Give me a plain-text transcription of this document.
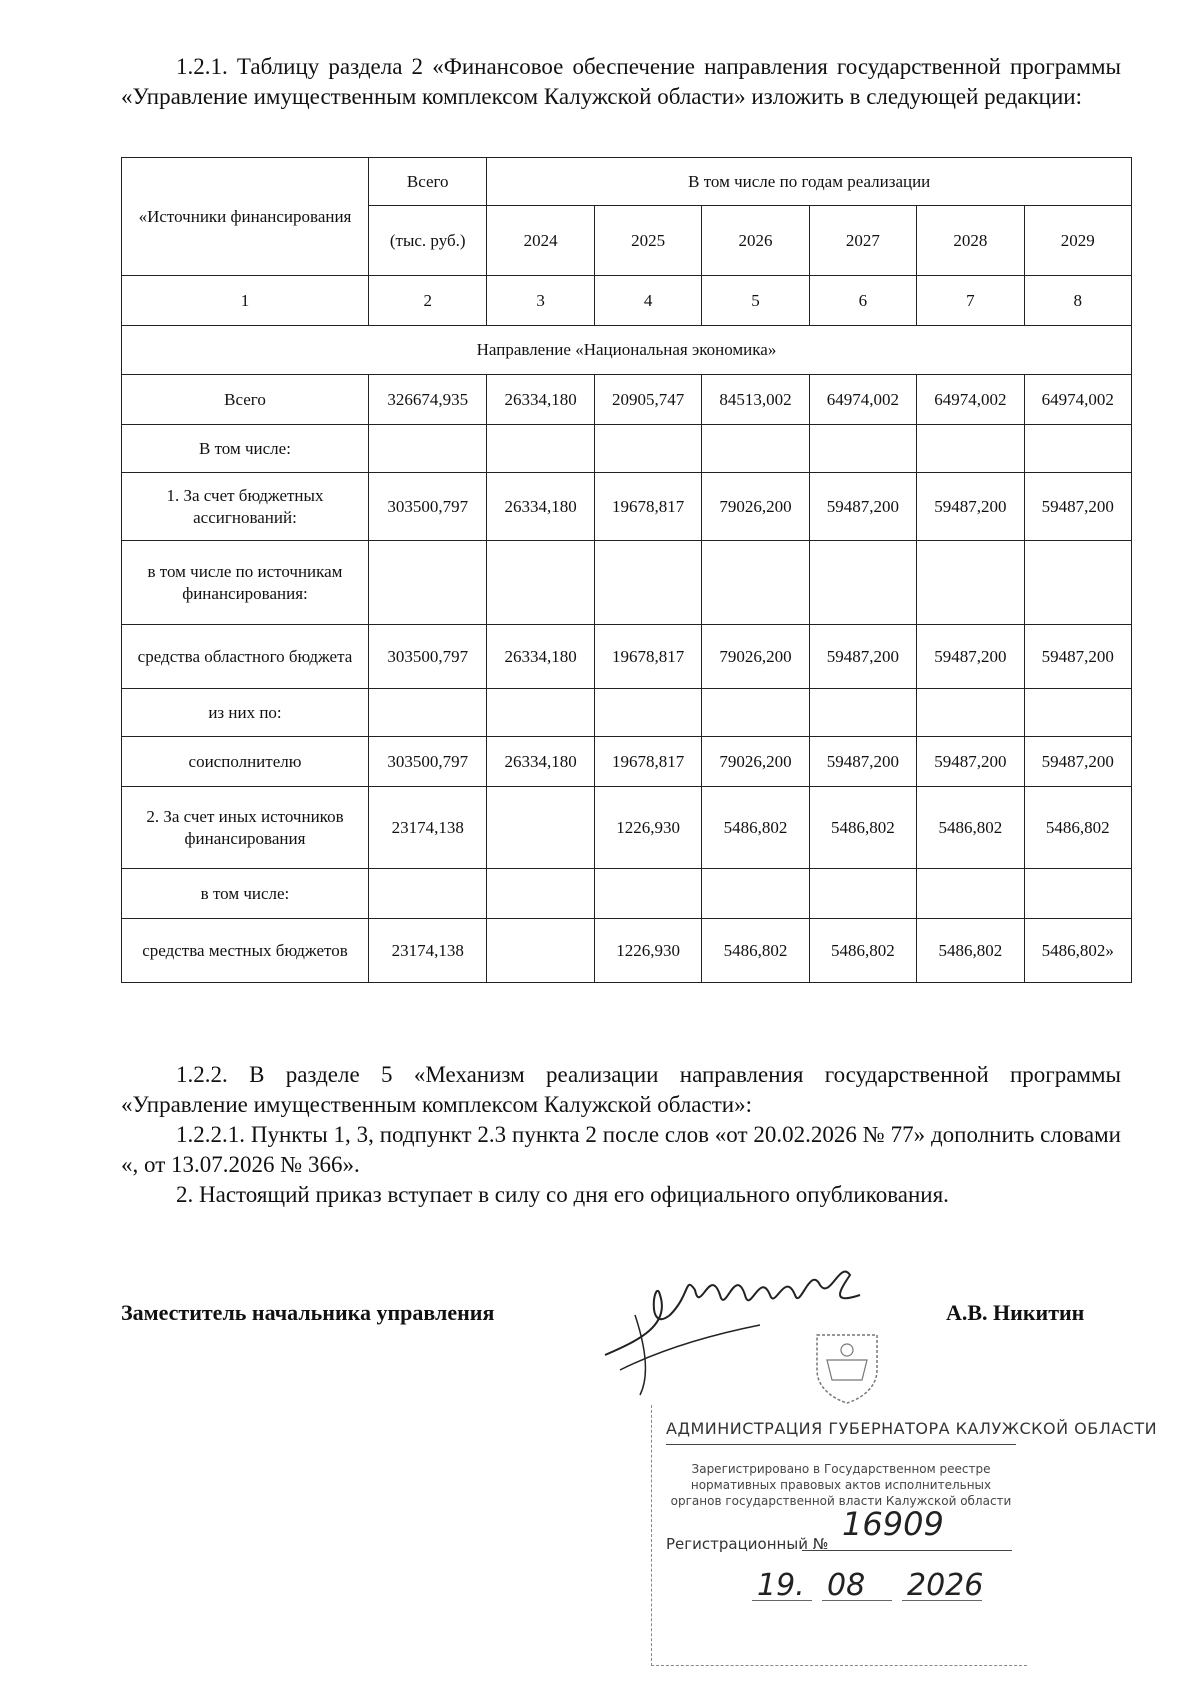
1.2.1. Таблицу раздела 2 «Финансовое обеспечение направления государственной программы «Управление имущественным комплексом Калужской области» изложить в следующей редакции:

«Источники финансирования	Всего	В том числе по годам реализации					
	(тыс. руб.)	2024	2025	2026	2027	2028	2029
1	2	3	4	5	6	7	8
Направление «Национальная экономика»							
Всего	326674,935	26334,180	20905,747	84513,002	64974,002	64974,002	64974,002
В том числе:							
1. За счет бюджетных ассигнований:	303500,797	26334,180	19678,817	79026,200	59487,200	59487,200	59487,200
в том числе по источникам финансирования:							
средства областного бюджета	303500,797	26334,180	19678,817	79026,200	59487,200	59487,200	59487,200
из них по:							
соисполнителю	303500,797	26334,180	19678,817	79026,200	59487,200	59487,200	59487,200
2. За счет иных источников финансирования	23174,138		1226,930	5486,802	5486,802	5486,802	5486,802
в том числе:							
средства местных бюджетов	23174,138		1226,930	5486,802	5486,802	5486,802	5486,802»

1.2.2. В разделе 5 «Механизм реализации направления государственной программы «Управление имущественным комплексом Калужской области»:

1.2.2.1. Пункты 1, 3, подпункт 2.3 пункта 2 после слов «от 20.02.2026 № 77» дополнить словами «, от 13.07.2026 № 366».

2. Настоящий приказ вступает в силу со дня его официального опубликования.

Заместитель начальника управления	А.В. Никитин

АДМИНИСТРАЦИЯ ГУБЕРНАТОРА КАЛУЖСКОЙ ОБЛАСТИ
Зарегистрировано в Государственном реестре нормативных правовых актов исполнительных органов государственной власти Калужской области
Регистрационный №
16909
19. 08 2026
